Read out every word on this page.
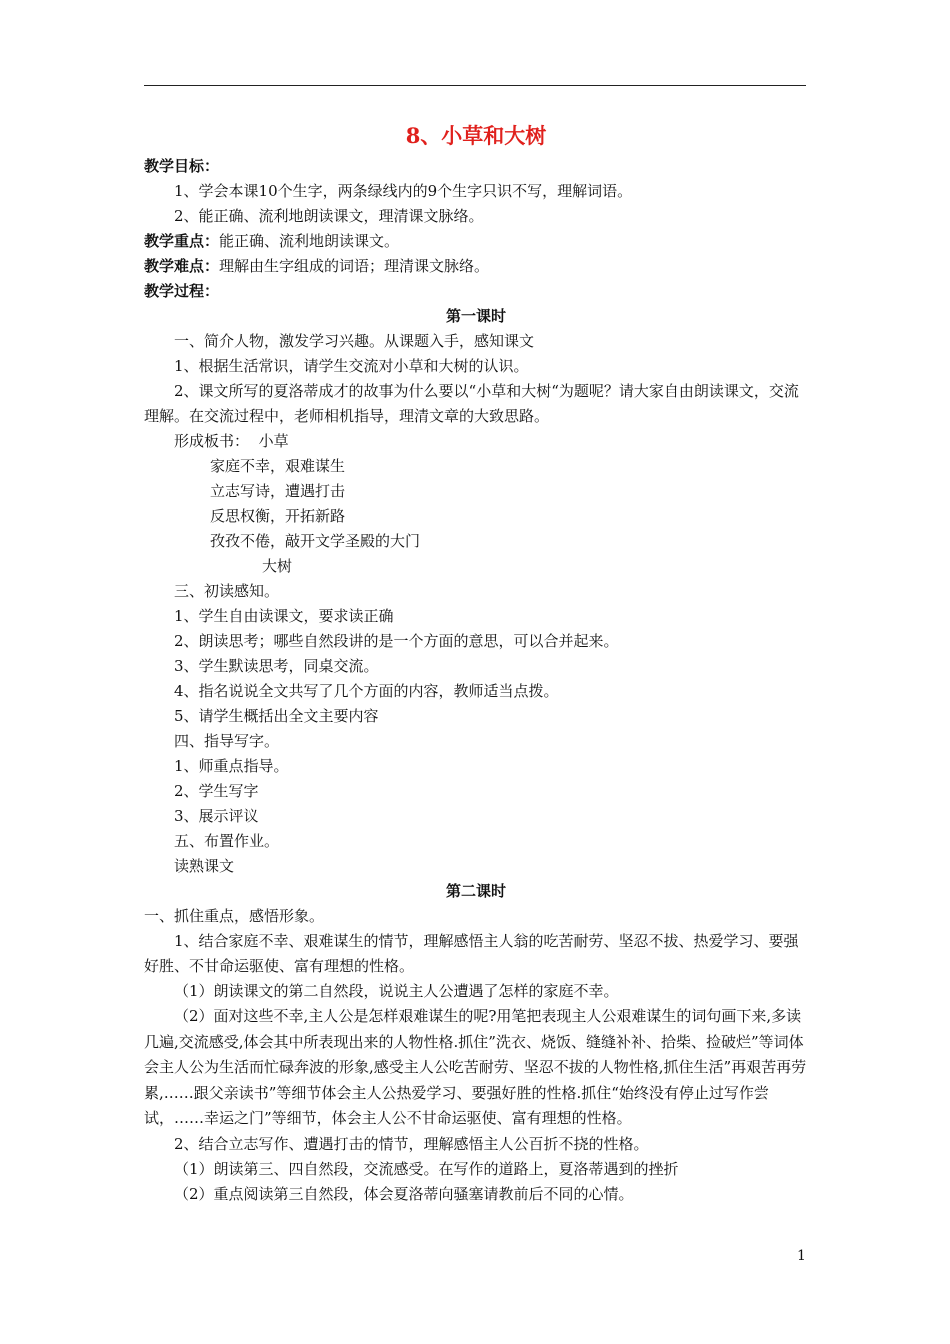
8、小草和大树

教学目标：

1、学会本课10个生字，两条绿线内的9个生字只识不写，理解词语。

2、能正确、流利地朗读课文，理清课文脉络。

教学重点：能正确、流利地朗读课文。

教学难点：理解由生字组成的词语；理清课文脉络。

教学过程：

第一课时

一、简介人物，激发学习兴趣。从课题入手，感知课文

1、根据生活常识，请学生交流对小草和大树的认识。

2、课文所写的夏洛蒂成才的故事为什么要以“小草和大树“为题呢？请大家自由朗读课文，交流理解。在交流过程中，老师相机指导，理清文章的大致思路。

形成板书： 小草

家庭不幸，艰难谋生

立志写诗，遭遇打击

反思权衡，开拓新路

孜孜不倦，敲开文学圣殿的大门

大树

三、初读感知。

1、学生自由读课文，要求读正确

2、朗读思考；哪些自然段讲的是一个方面的意思，可以合并起来。

3、学生默读思考，同桌交流。

4、指名说说全文共写了几个方面的内容，教师适当点拨。

5、请学生概括出全文主要内容

四、指导写字。

1、师重点指导。

2、学生写字

3、展示评议

五、布置作业。

读熟课文

第二课时

一、抓住重点，感悟形象。

1、结合家庭不幸、艰难谋生的情节，理解感悟主人翁的吃苦耐劳、坚忍不拔、热爱学习、要强好胜、不甘命运驱使、富有理想的性格。

（1）朗读课文的第二自然段，说说主人公遭遇了怎样的家庭不幸。

（2）面对这些不幸,主人公是怎样艰难谋生的呢?用笔把表现主人公艰难谋生的词句画下来,多读几遍,交流感受,体会其中所表现出来的人物性格.抓住”洗衣、烧饭、缝缝补补、拾柴、捡破烂”等词体会主人公为生活而忙碌奔波的形象,感受主人公吃苦耐劳、坚忍不拔的人物性格,抓住生活”再艰苦再劳累,……跟父亲读书”等细节体会主人公热爱学习、要强好胜的性格.抓住“始终没有停止过写作尝试，……幸运之门”等细节，体会主人公不甘命运驱使、富有理想的性格。

2、结合立志写作、遭遇打击的情节，理解感悟主人公百折不挠的性格。

（1）朗读第三、四自然段，交流感受。在写作的道路上，夏洛蒂遇到的挫折

（2）重点阅读第三自然段，体会夏洛蒂向骚塞请教前后不同的心情。

1
